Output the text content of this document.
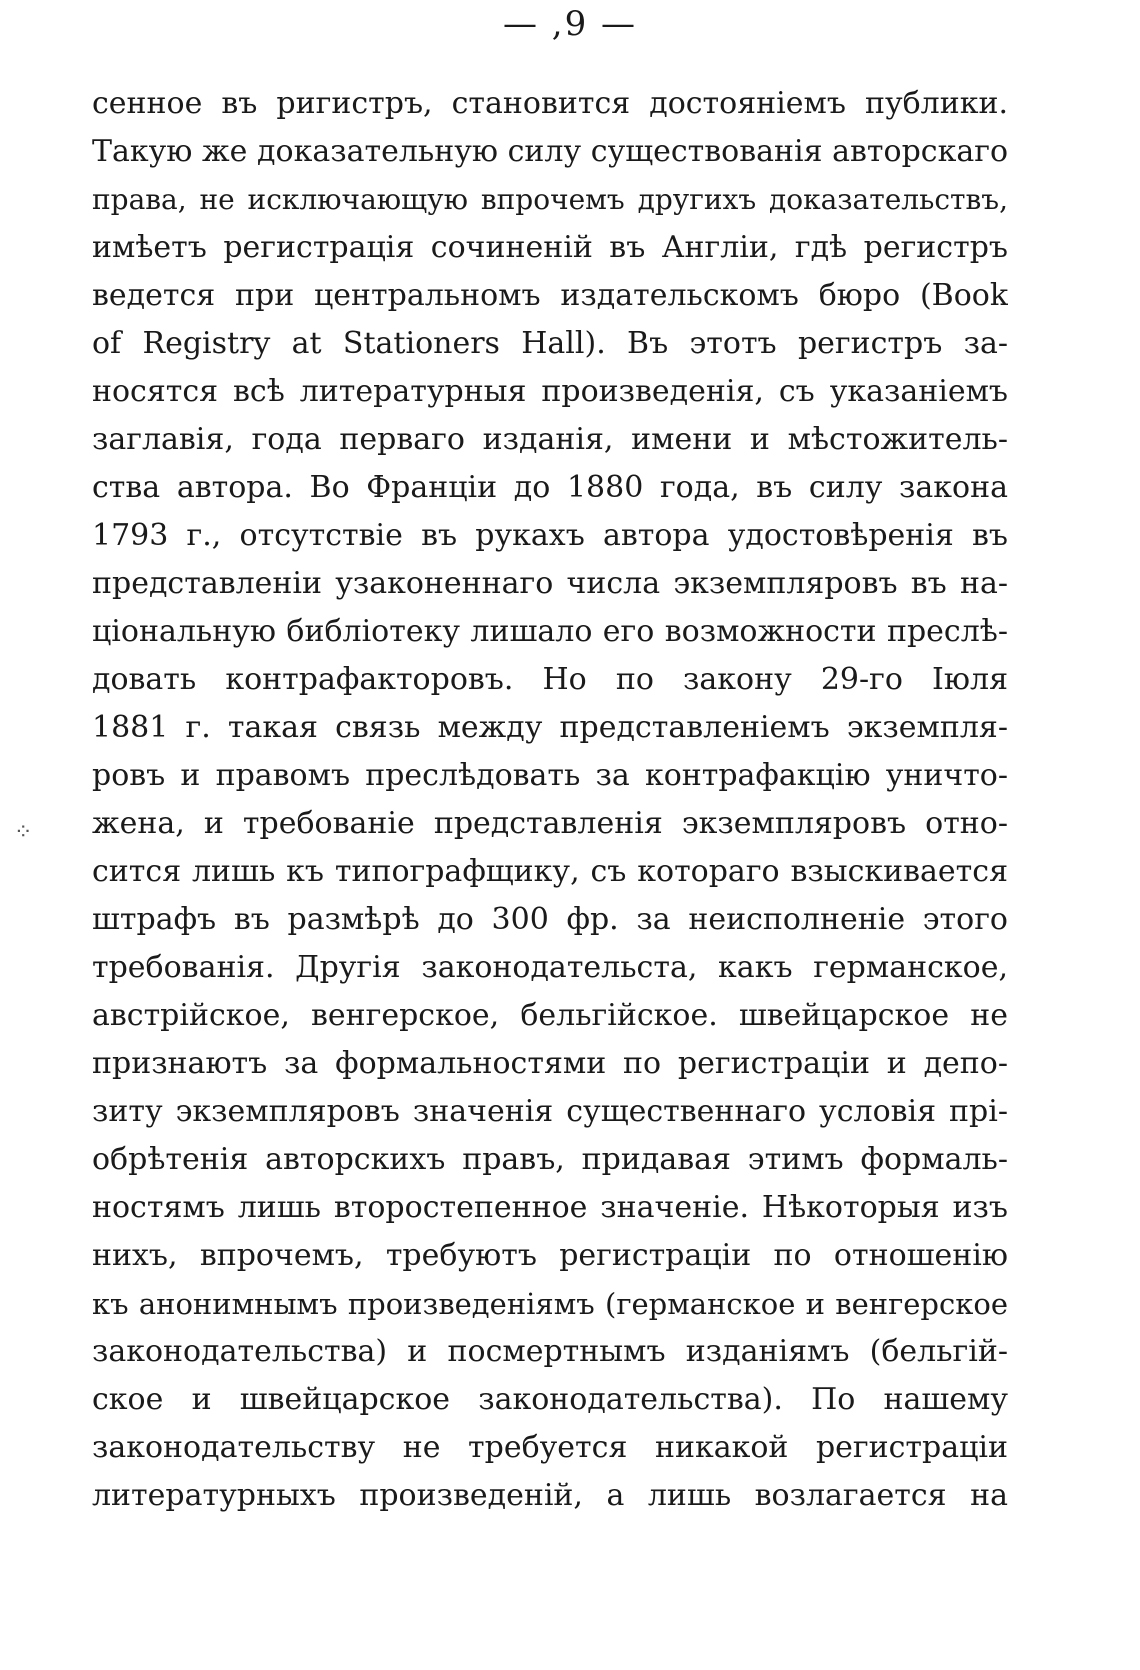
— ,9 —
⁘
сенное въ ригистръ, становится достояніемъ публики.
Такую же доказательную силу существованія авторскаго
права, не исключающую впрочемъ другихъ доказательствъ,
имѣетъ регистрація сочиненій въ Англіи, гдѣ регистръ
ведется при центральномъ издательскомъ бюро (Book
of Registry at Stationers Hall). Въ этотъ регистръ за-
носятся всѣ литературныя произведенія, съ указаніемъ
заглавія, года перваго изданія, имени и мѣстожитель-
ства автора. Во Франціи до 1880 года, въ силу закона
1793 г., отсутствіе въ рукахъ автора удостовѣренія въ
представленіи узаконеннаго числа экземпляровъ въ на-
ціональную библіотеку лишало его возможности преслѣ-
довать контрафакторовъ. Но по закону 29-го Іюля
1881 г. такая связь между представленіемъ экземпля-
ровъ и правомъ преслѣдовать за контрафакцію уничто-
жена, и требованіе представленія экземпляровъ отно-
сится лишь къ типографщику, съ котораго взыскивается
штрафъ въ размѣрѣ до 300 фр. за неисполненіе этого
требованія. Другія законодательста, какъ германское,
австрійское, венгерское, бельгійское. швейцарское не
признаютъ за формальностями по регистраціи и депо-
зиту экземпляровъ значенія существеннаго условія прі-
обрѣтенія авторскихъ правъ, придавая этимъ формаль-
ностямъ лишь второстепенное значеніе. Нѣкоторыя изъ
нихъ, впрочемъ, требуютъ регистраціи по отношенію
къ анонимнымъ произведеніямъ (германское и венгерское
законодательства) и посмертнымъ изданіямъ (бельгій-
ское и швейцарское законодательства). По нашему
законодательству не требуется никакой регистраціи
литературныхъ произведеній, а лишь возлагается на
